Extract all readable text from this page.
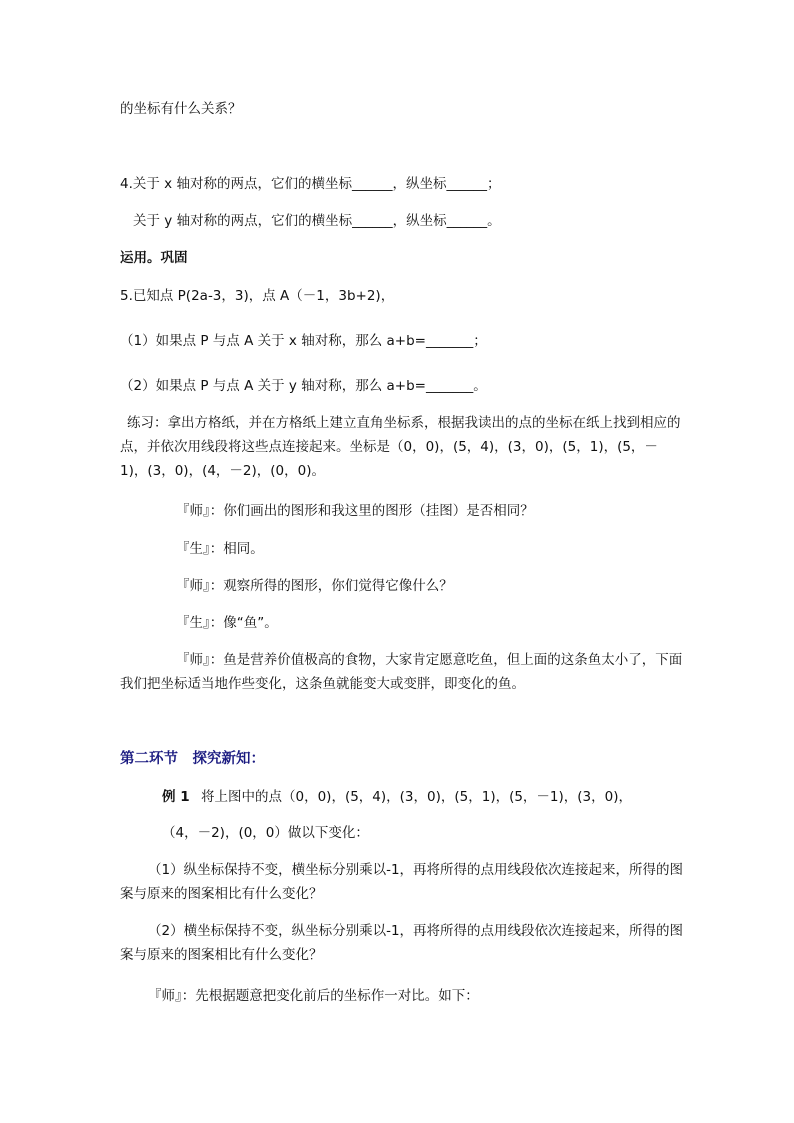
的坐标有什么关系？
4.关于 x 轴对称的两点，它们的横坐标______，纵坐标______；
关于 y 轴对称的两点，它们的横坐标______，纵坐标______。
运用。巩固
5.已知点 P(2a-3，3)，点 A（－1，3b+2)，
（1）如果点 P 与点 A 关于 x 轴对称，那么 a+b=_______；
（2）如果点 P 与点 A 关于 y 轴对称，那么 a+b=_______。
练习：拿出方格纸，并在方格纸上建立直角坐标系，根据我读出的点的坐标在纸上找到相应的点，并依次用线段将这些点连接起来。坐标是（0，0)，(5，4)，(3，0)，(5，1)，(5，－1)，(3，0)，(4，－2)，(0，0)。
『师』：你们画出的图形和我这里的图形（挂图）是否相同？
『生』：相同。
『师』：观察所得的图形，你们觉得它像什么？
『生』：像“鱼”。
『师』：鱼是营养价值极高的食物，大家肯定愿意吃鱼，但上面的这条鱼太小了，下面我们把坐标适当地作些变化，这条鱼就能变大或变胖，即变化的鱼。
第二环节　探究新知：
例 1 将上图中的点（0，0)，(5，4)，(3，0)，(5，1)，(5，－1)，(3，0)，
（4，－2)，(0，0）做以下变化：
（1）纵坐标保持不变，横坐标分别乘以-1，再将所得的点用线段依次连接起来，所得的图案与原来的图案相比有什么变化？
（2）横坐标保持不变，纵坐标分别乘以-1，再将所得的点用线段依次连接起来，所得的图案与原来的图案相比有什么变化？
『师』：先根据题意把变化前后的坐标作一对比。如下：
